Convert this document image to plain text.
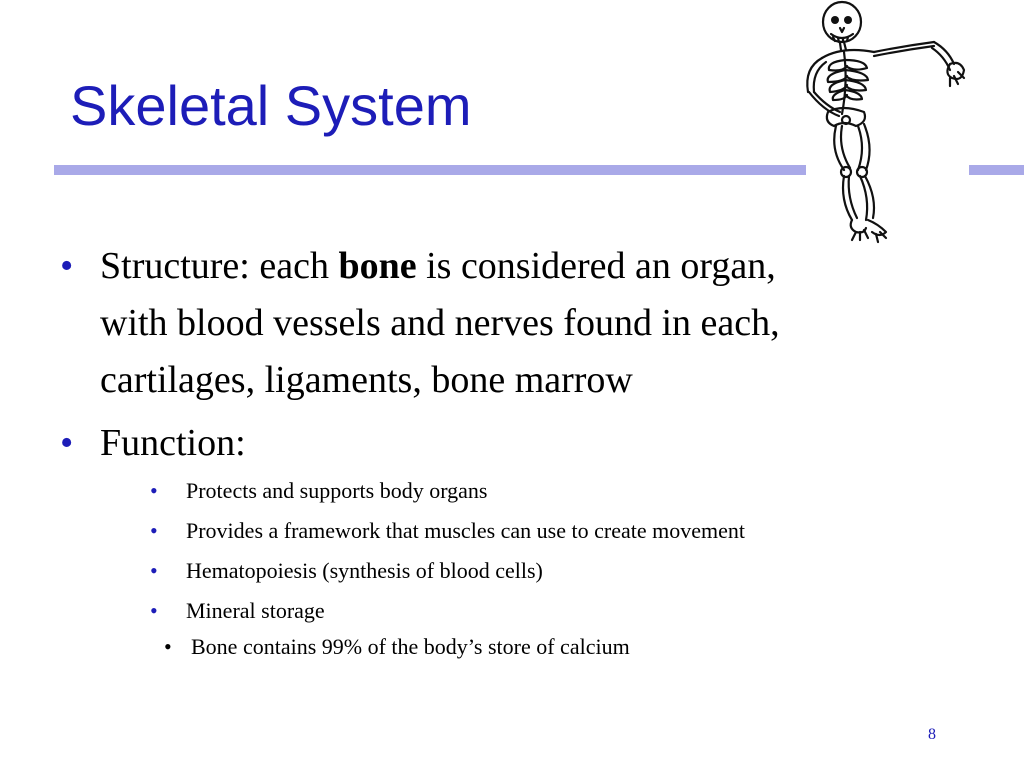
Skeletal System
• Structure: each bone is considered an organ,
with blood vessels and nerves found in each,
cartilages, ligaments, bone marrow
• Function:
•	Protects and supports body organs
•	Provides a framework that muscles can use to create movement
•	Hematopoiesis (synthesis of blood cells)
•	Mineral storage
• Bone contains 99% of the body’s store of calcium
8
